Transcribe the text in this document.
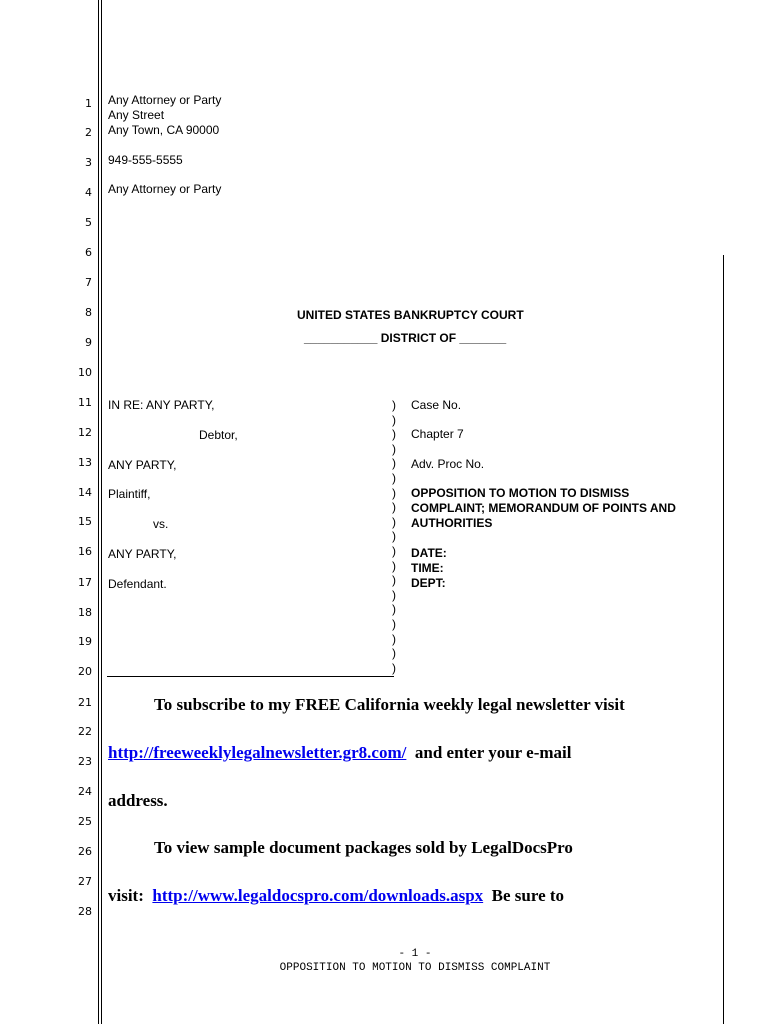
1
2
3
4
5
6
7
8
9
10
11
12
13
14
15
16
17
18
19
20
21
22
23
24
25
26
27
28
Any Attorney or Party
Any Street
Any Town, CA 90000
949-555-5555
Any Attorney or Party
UNITED STATES BANKRUPTCY COURT
___________ DISTRICT OF _______
IN RE: ANY PARTY,
Debtor,
ANY PARTY,
Plaintiff,
vs.
ANY PARTY,
Defendant.
)
)
)
)
)
)
)
)
)
)
)
)
)
)
)
)
)
)
)
Case No.
Chapter 7
Adv. Proc No.
OPPOSITION TO MOTION TO DISMISS
COMPLAINT; MEMORANDUM OF POINTS AND
AUTHORITIES
DATE:
TIME:
DEPT:
To subscribe to my FREE California weekly legal newsletter visit
http://freeweeklylegalnewsletter.gr8.com/ and enter your e-mail
address.
To view sample document packages sold by LegalDocsPro
visit: http://www.legaldocspro.com/downloads.aspx Be sure to
- 1 -
OPPOSITION TO MOTION TO DISMISS COMPLAINT
